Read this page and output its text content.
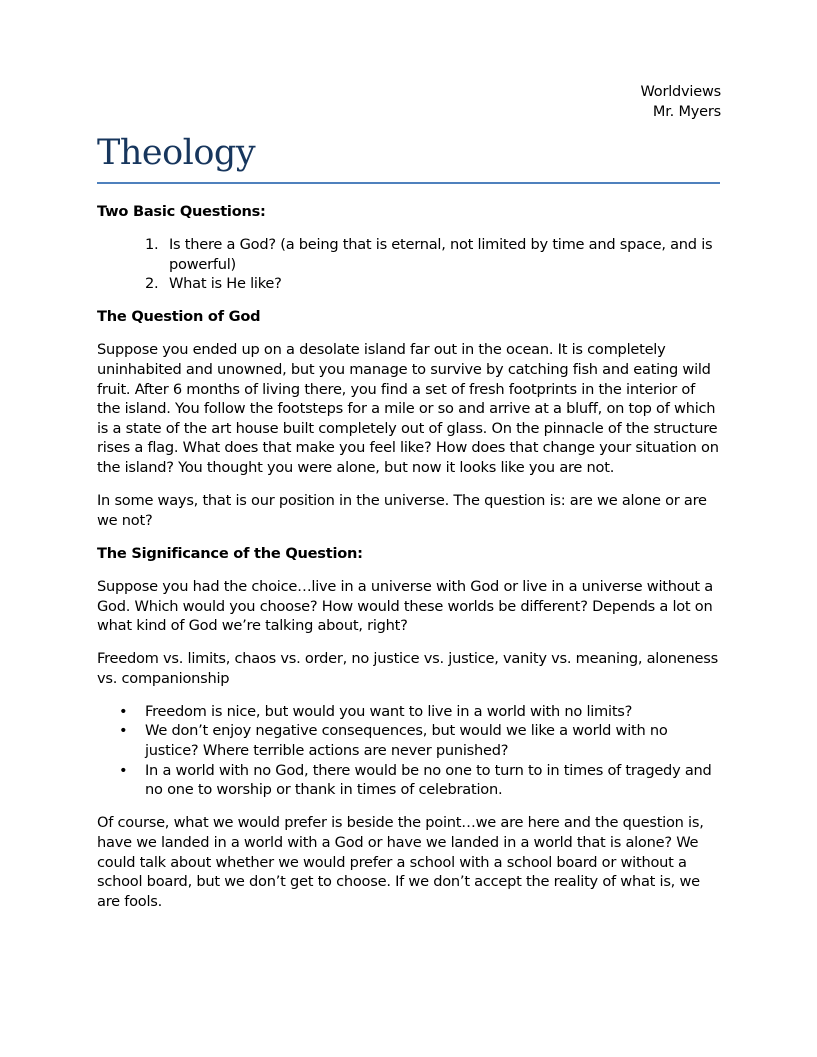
Worldviews
Mr. Myers
Theology

Two Basic Questions:

1. Is there a God? (a being that is eternal, not limited by time and space, and is powerful)
2. What is He like?

The Question of God

Suppose you ended up on a desolate island far out in the ocean. It is completely uninhabited and unowned, but you manage to survive by catching fish and eating wild fruit. After 6 months of living there, you find a set of fresh footprints in the interior of the island. You follow the footsteps for a mile or so and arrive at a bluff, on top of which is a state of the art house built completely out of glass. On the pinnacle of the structure rises a flag. What does that make you feel like? How does that change your situation on the island? You thought you were alone, but now it looks like you are not.

In some ways, that is our position in the universe. The question is: are we alone or are we not?

The Significance of the Question:

Suppose you had the choice…live in a universe with God or live in a universe without a God. Which would you choose? How would these worlds be different? Depends a lot on what kind of God we’re talking about, right?

Freedom vs. limits, chaos vs. order, no justice vs. justice, vanity vs. meaning, aloneness vs. companionship

• Freedom is nice, but would you want to live in a world with no limits?
• We don’t enjoy negative consequences, but would we like a world with no justice? Where terrible actions are never punished?
• In a world with no God, there would be no one to turn to in times of tragedy and no one to worship or thank in times of celebration.

Of course, what we would prefer is beside the point…we are here and the question is, have we landed in a world with a God or have we landed in a world that is alone? We could talk about whether we would prefer a school with a school board or without a school board, but we don’t get to choose. If we don’t accept the reality of what is, we are fools.
